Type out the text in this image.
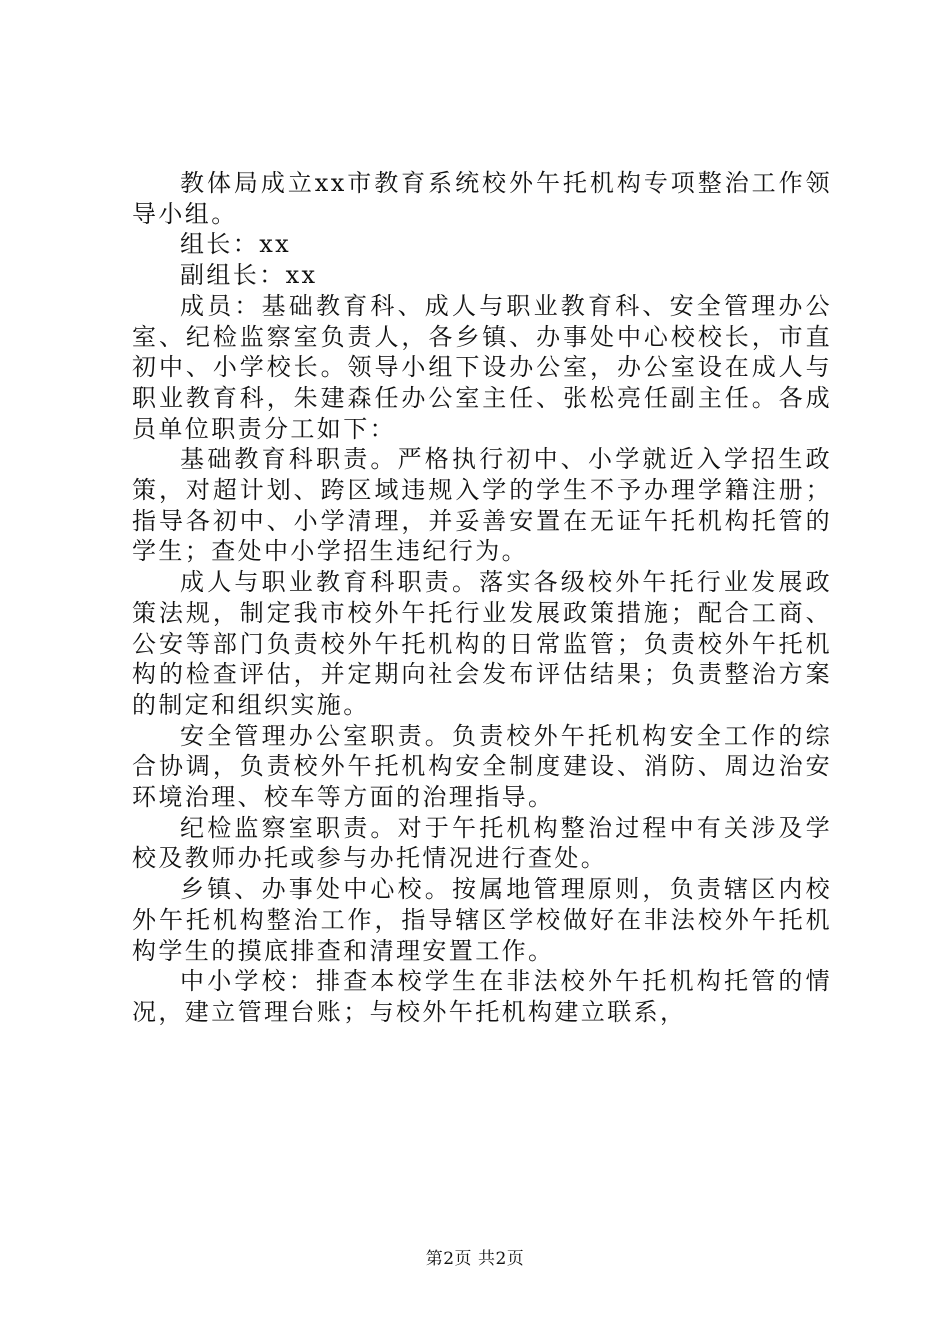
教体局成立xx市教育系统校外午托机构专项整治工作领导小组。

组长：xx

副组长：xx

成员：基础教育科、成人与职业教育科、安全管理办公室、纪检监察室负责人，各乡镇、办事处中心校校长，市直初中、小学校长。领导小组下设办公室，办公室设在成人与职业教育科，朱建森任办公室主任、张松亮任副主任。各成员单位职责分工如下：

基础教育科职责。严格执行初中、小学就近入学招生政策，对超计划、跨区域违规入学的学生不予办理学籍注册；指导各初中、小学清理，并妥善安置在无证午托机构托管的学生；查处中小学招生违纪行为。

成人与职业教育科职责。落实各级校外午托行业发展政策法规，制定我市校外午托行业发展政策措施；配合工商、公安等部门负责校外午托机构的日常监管；负责校外午托机构的检查评估，并定期向社会发布评估结果；负责整治方案的制定和组织实施。

安全管理办公室职责。负责校外午托机构安全工作的综合协调，负责校外午托机构安全制度建设、消防、周边治安环境治理、校车等方面的治理指导。

纪检监察室职责。对于午托机构整治过程中有关涉及学校及教师办托或参与办托情况进行查处。

乡镇、办事处中心校。按属地管理原则，负责辖区内校外午托机构整治工作，指导辖区学校做好在非法校外午托机构学生的摸底排查和清理安置工作。

中小学校：排查本校学生在非法校外午托机构托管的情况，建立管理台账；与校外午托机构建立联系，

第2页 共2页
